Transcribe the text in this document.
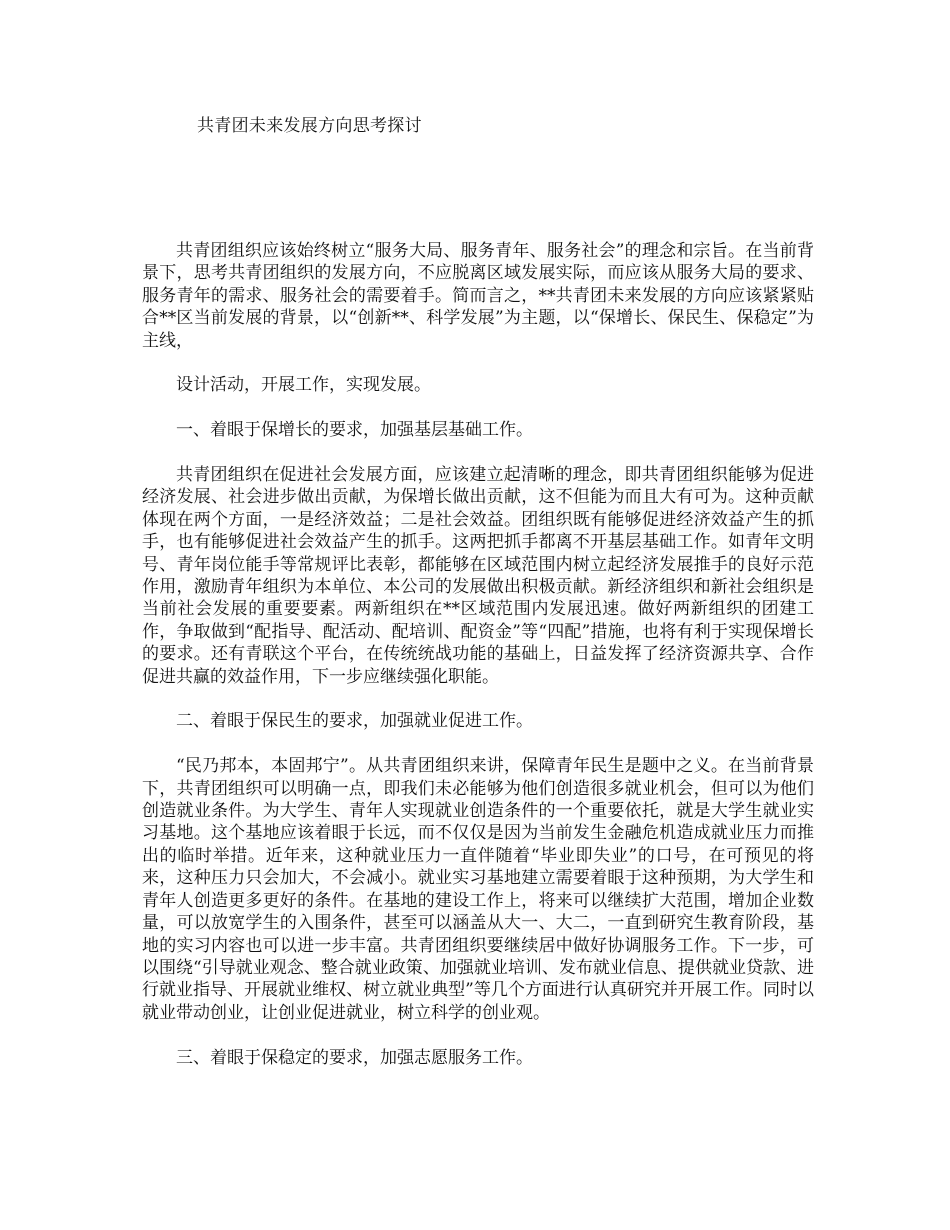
共青团未来发展方向思考探讨

共青团组织应该始终树立“服务大局、服务青年、服务社会”的理念和宗旨。在当前背景下，思考共青团组织的发展方向，不应脱离区域发展实际，而应该从服务大局的要求、服务青年的需求、服务社会的需要着手。简而言之，**共青团未来发展的方向应该紧紧贴合**区当前发展的背景，以“创新**、科学发展”为主题，以“保增长、保民生、保稳定”为主线，

设计活动，开展工作，实现发展。

一、着眼于保增长的要求，加强基层基础工作。

共青团组织在促进社会发展方面，应该建立起清晰的理念，即共青团组织能够为促进经济发展、社会进步做出贡献，为保增长做出贡献，这不但能为而且大有可为。这种贡献体现在两个方面，一是经济效益；二是社会效益。团组织既有能够促进经济效益产生的抓手，也有能够促进社会效益产生的抓手。这两把抓手都离不开基层基础工作。如青年文明号、青年岗位能手等常规评比表彰，都能够在区域范围内树立起经济发展推手的良好示范作用，激励青年组织为本单位、本公司的发展做出积极贡献。新经济组织和新社会组织是当前社会发展的重要要素。两新组织在**区域范围内发展迅速。做好两新组织的团建工作，争取做到“配指导、配活动、配培训、配资金”等“四配”措施，也将有利于实现保增长的要求。还有青联这个平台，在传统统战功能的基础上，日益发挥了经济资源共享、合作促进共赢的效益作用，下一步应继续强化职能。

二、着眼于保民生的要求，加强就业促进工作。

“民乃邦本，本固邦宁”。从共青团组织来讲，保障青年民生是题中之义。在当前背景下，共青团组织可以明确一点，即我们未必能够为他们创造很多就业机会，但可以为他们创造就业条件。为大学生、青年人实现就业创造条件的一个重要依托，就是大学生就业实习基地。这个基地应该着眼于长远，而不仅仅是因为当前发生金融危机造成就业压力而推出的临时举措。近年来，这种就业压力一直伴随着“毕业即失业”的口号，在可预见的将来，这种压力只会加大，不会减小。就业实习基地建立需要着眼于这种预期，为大学生和青年人创造更多更好的条件。在基地的建设工作上，将来可以继续扩大范围，增加企业数量，可以放宽学生的入围条件，甚至可以涵盖从大一、大二，一直到研究生教育阶段，基地的实习内容也可以进一步丰富。共青团组织要继续居中做好协调服务工作。下一步，可以围绕“引导就业观念、整合就业政策、加强就业培训、发布就业信息、提供就业贷款、进行就业指导、开展就业维权、树立就业典型”等几个方面进行认真研究并开展工作。同时以就业带动创业，让创业促进就业，树立科学的创业观。

三、着眼于保稳定的要求，加强志愿服务工作。
